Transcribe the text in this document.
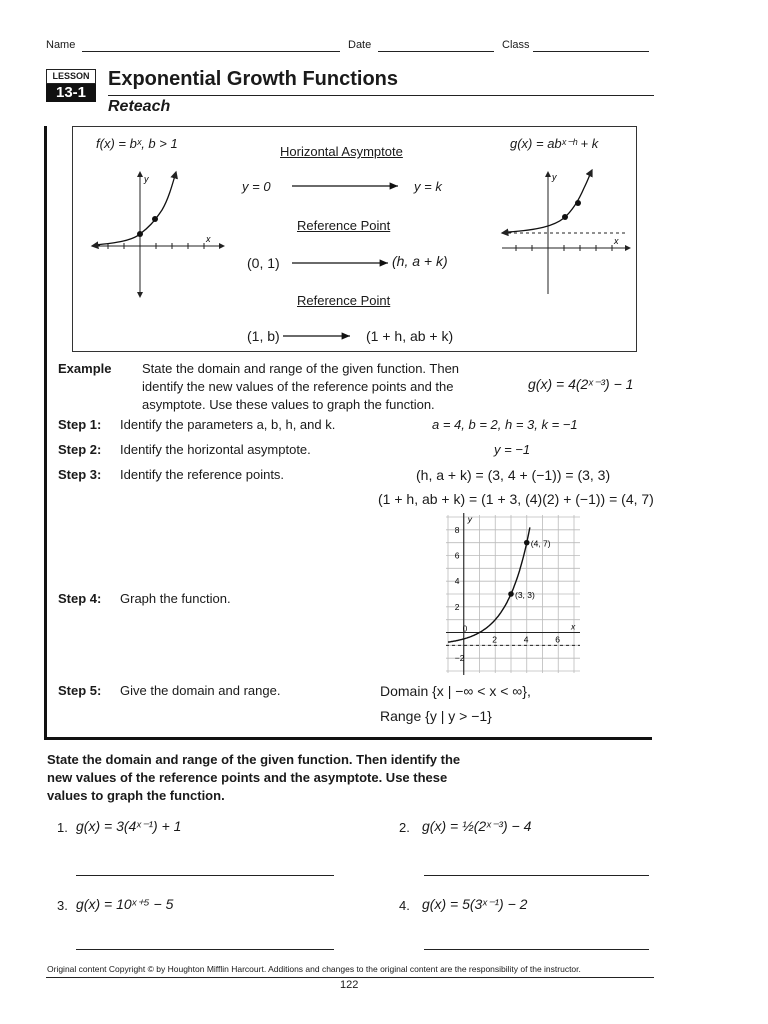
Name	Date	Class
LESSON
13-1
Exponential Growth Functions
Reteach
f(x) = bˣ, b > 1	g(x) = abˣ⁻ʰ + k
Horizontal Asymptote
y = 0	y = k
Reference Point
(0, 1)	(h, a + k)
Reference Point
(1, b)	(1 + h, ab + k)
x
y
x
y
Example State the domain and range of the given function. Then
identify the new values of the reference points and the
asymptote. Use these values to graph the function.
g(x) = 4(2ˣ⁻³) − 1
Step 1: Identify the parameters a, b, h, and k.	a = 4, b = 2, h = 3, k = −1
Step 2: Identify the horizontal asymptote.	y = −1
Step 3: Identify the reference points.	(h, a + k) = (3, 4 + (−1)) = (3, 3)
(1 + h, ab + k) = (1 + 3, (4)(2) + (−1)) = (4, 7)
Step 4: Graph the function.	(3, 3)
(4, 7)
2	4	6
8
6
4
2
−2
0	x
y
Step 5: Give the domain and range.	Domain {x | −∞ < x < ∞},
Range {y | y > −1}
State the domain and range of the given function. Then identify the
new values of the reference points and the asymptote. Use these
values to graph the function.
1. g(x) = 3(4ˣ⁻¹) + 1	2. g(x) = ½(2ˣ⁻³) − 4
3. g(x) = 10ˣ⁺⁵ − 5	4. g(x) = 5(3ˣ⁻¹) − 2
Original content Copyright © by Houghton Mifflin Harcourt. Additions and changes to the original content are the responsibility of the instructor.
122
